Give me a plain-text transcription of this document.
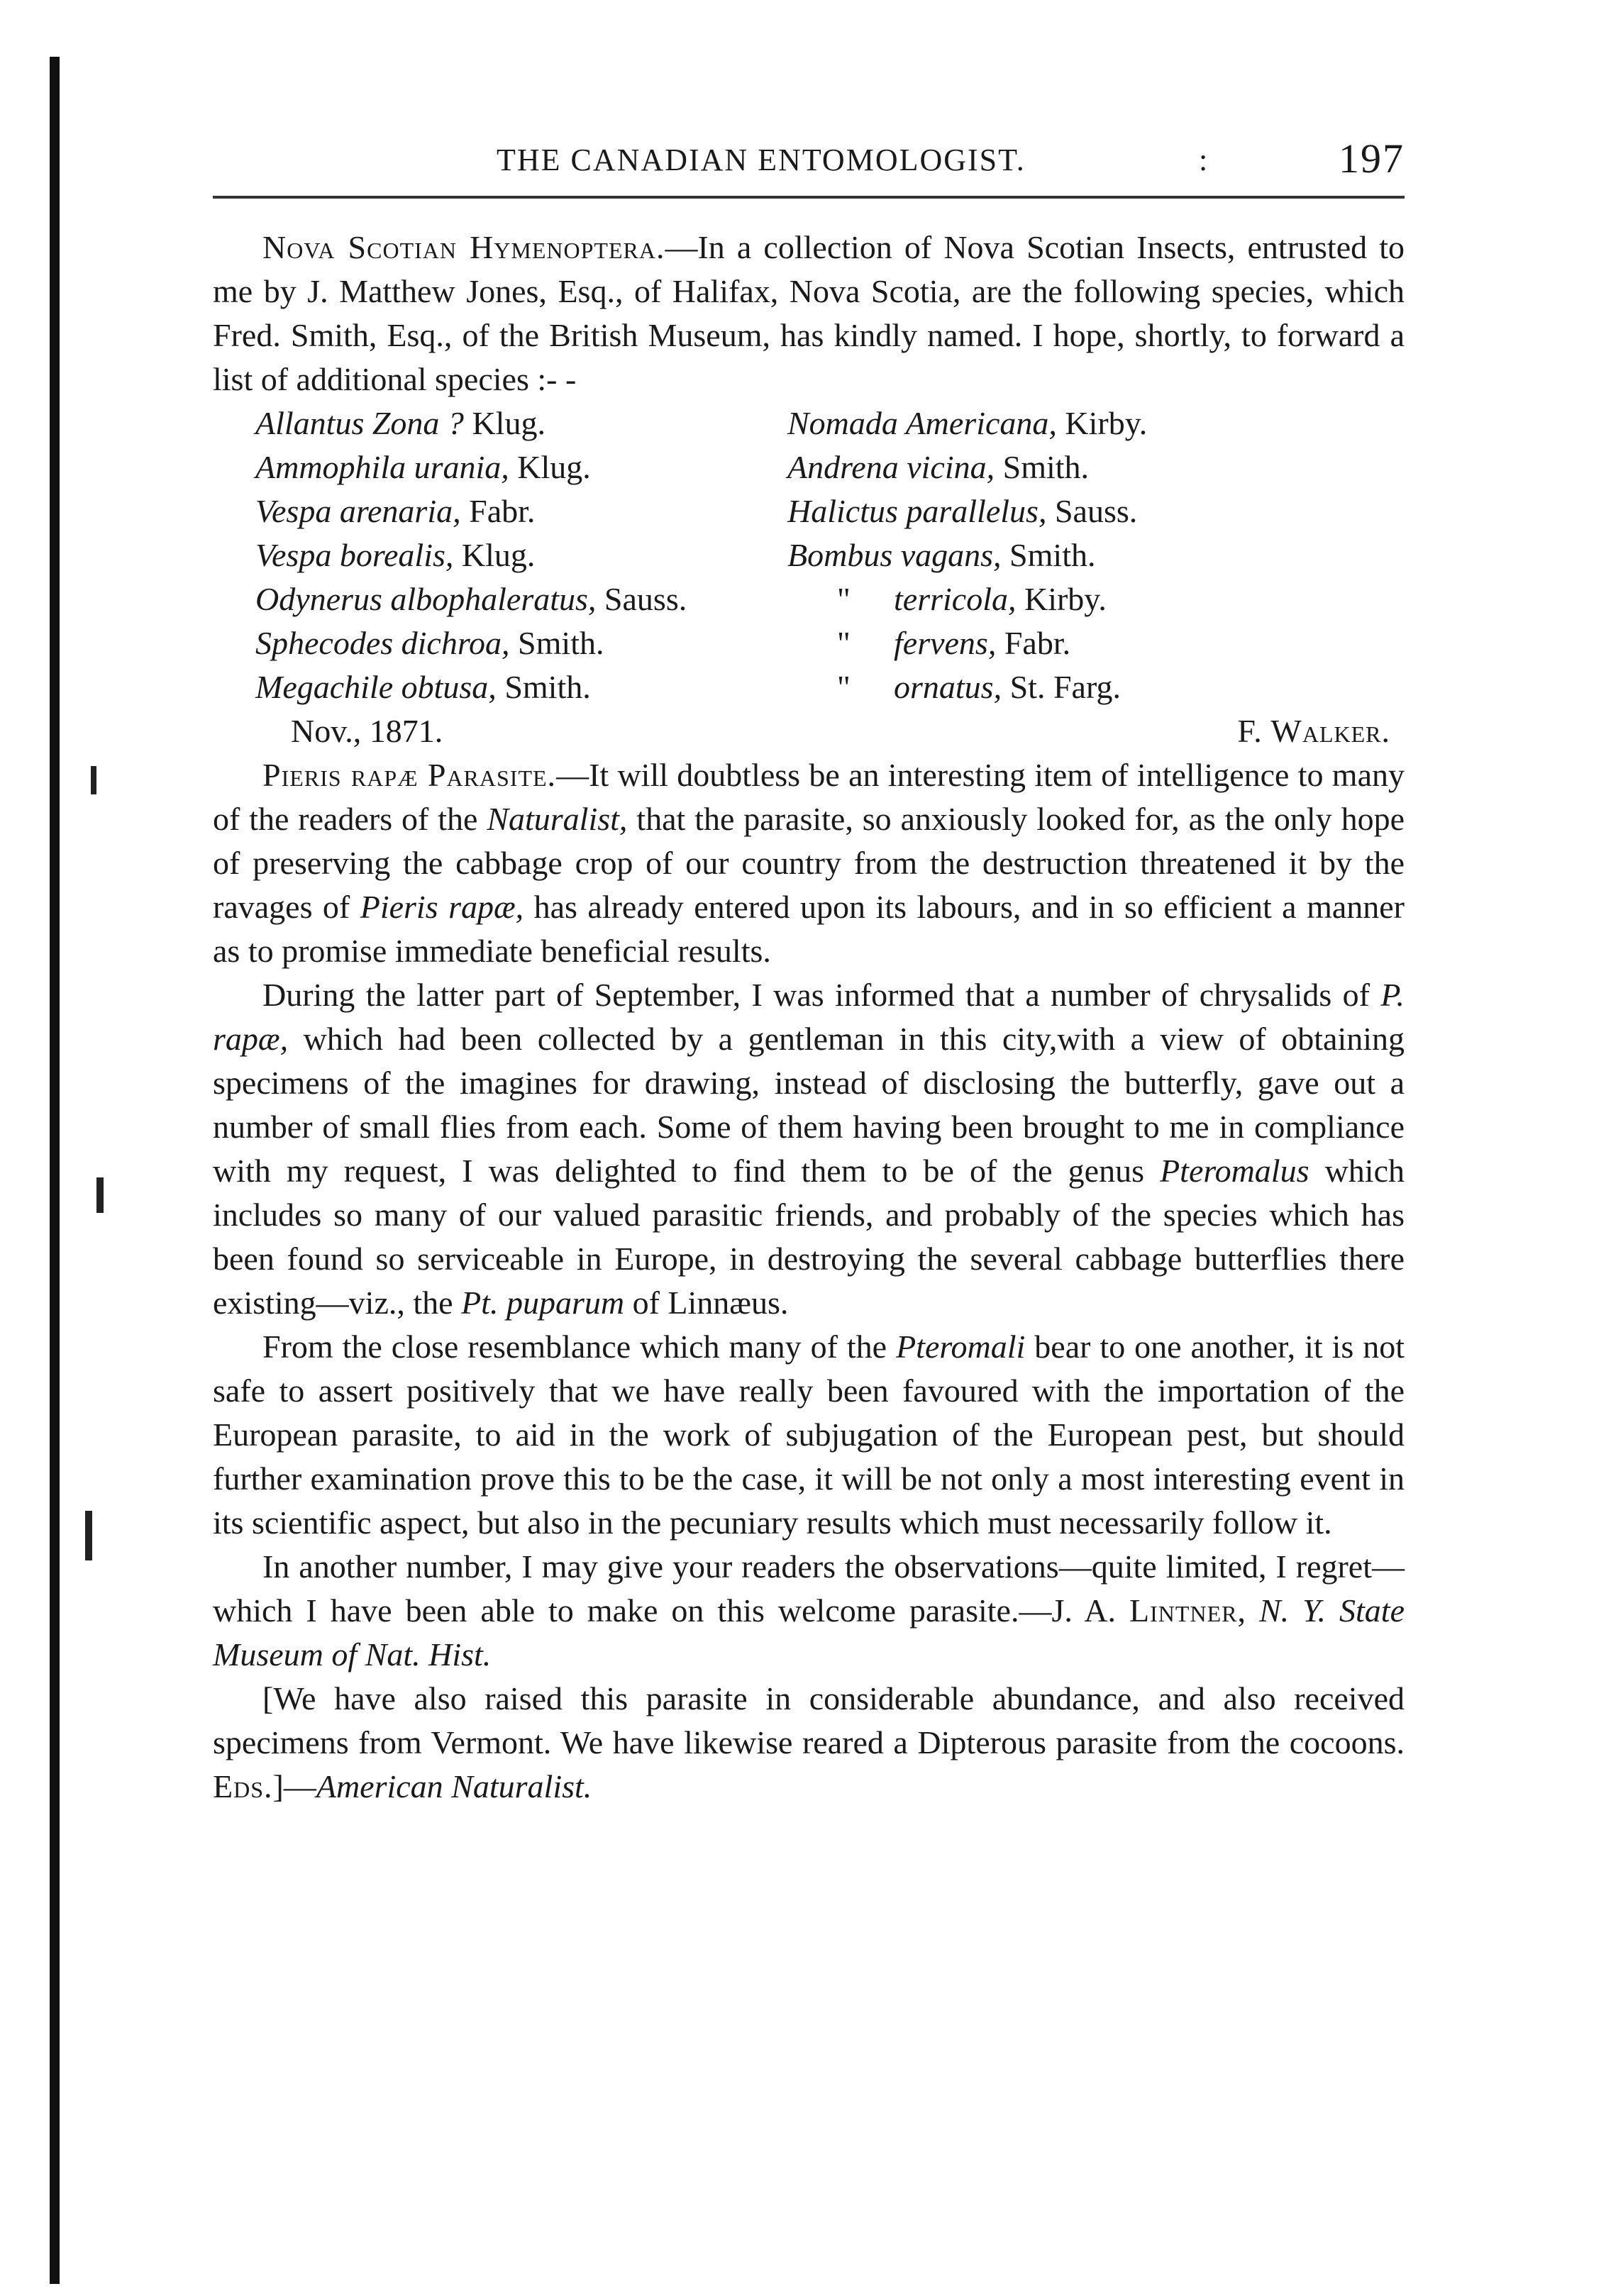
THE CANADIAN ENTOMOLOGIST.	:	197

Nova Scotian Hymenoptera.—In a collection of Nova Scotian Insects, entrusted to me by J. Matthew Jones, Esq., of Halifax, Nova Scotia, are the following species, which Fred. Smith, Esq., of the British Museum, has kindly named. I hope, shortly, to forward a list of additional species :- -

Allantus Zona ? Klug.	Nomada Americana, Kirby.
Ammophila urania, Klug.	Andrena vicina, Smith.
Vespa arenaria, Fabr.	Halictus parallelus, Sauss.
Vespa borealis, Klug.	Bombus vagans, Smith.
Odynerus albophaleratus, Sauss.	" terricola, Kirby.
Sphecodes dichroa, Smith.	" fervens, Fabr.
Megachile obtusa, Smith.	" ornatus, St. Farg.
Nov., 1871.	F. Walker.

Pieris rapæ Parasite.—It will doubtless be an interesting item of intelligence to many of the readers of the Naturalist, that the parasite, so anxiously looked for, as the only hope of preserving the cabbage crop of our country from the destruction threatened it by the ravages of Pieris rapæ, has already entered upon its labours, and in so efficient a manner as to promise immediate beneficial results.

During the latter part of September, I was informed that a number of chrysalids of P. rapæ, which had been collected by a gentleman in this city,with a view of obtaining specimens of the imagines for drawing, instead of disclosing the butterfly, gave out a number of small flies from each. Some of them having been brought to me in compliance with my request, I was delighted to find them to be of the genus Pteromalus which includes so many of our valued parasitic friends, and probably of the species which has been found so serviceable in Europe, in destroying the several cabbage butterflies there existing—viz., the Pt. puparum of Linnæus.

From the close resemblance which many of the Pteromali bear to one another, it is not safe to assert positively that we have really been favoured with the importation of the European parasite, to aid in the work of subjugation of the European pest, but should further examination prove this to be the case, it will be not only a most interesting event in its scientific aspect, but also in the pecuniary results which must necessarily follow it.

In another number, I may give your readers the observations—quite limited, I regret—which I have been able to make on this welcome parasite.—J. A. Lintner, N. Y. State Museum of Nat. Hist.

[We have also raised this parasite in considerable abundance, and also received specimens from Vermont. We have likewise reared a Dipterous parasite from the cocoons. Eds.]—American Naturalist.
